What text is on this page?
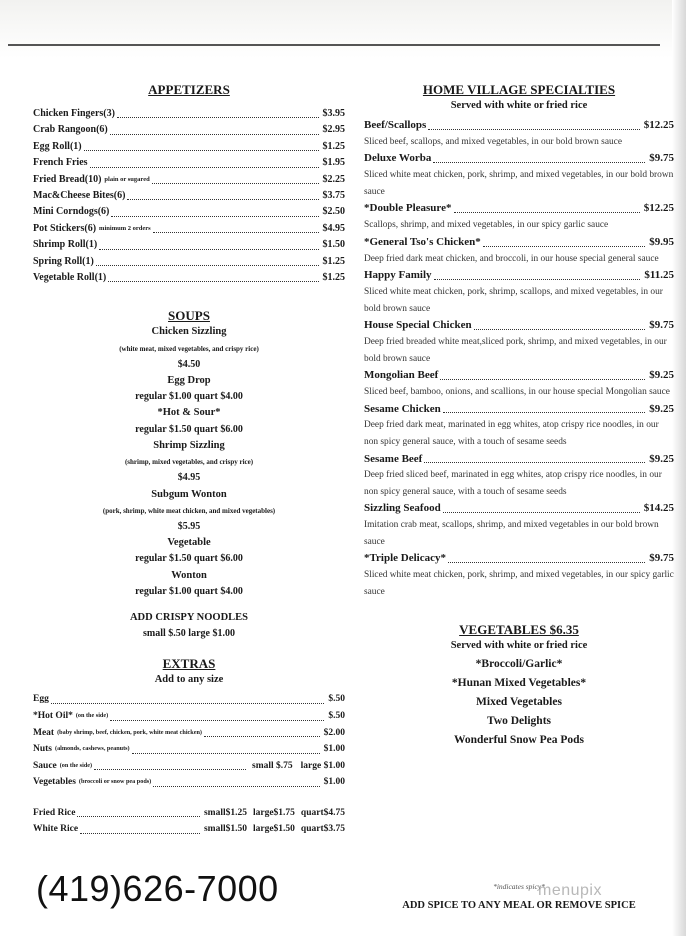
APPETIZERS
Chicken Fingers(3)	$3.95
Crab Rangoon(6)	$2.95
Egg Roll(1)	$1.25
French Fries	$1.95
Fried Bread(10) plain or sugared	$2.25
Mac&Cheese Bites(6)	$3.75
Mini Corndogs(6)	$2.50
Pot Stickers(6) minimum 2 orders	$4.95
Shrimp Roll(1)	$1.50
Spring Roll(1)	$1.25
Vegetable Roll(1)	$1.25
SOUPS
Chicken Sizzling
(white meat, mixed vegetables, and crispy rice)
$4.50
Egg Drop
regular $1.00 quart $4.00
*Hot & Sour*
regular $1.50 quart $6.00
Shrimp Sizzling
(shrimp, mixed vegetables, and crispy rice)
$4.95
Subgum Wonton
(pork, shrimp, white meat chicken, and mixed vegetables)
$5.95
Vegetable
regular $1.50 quart $6.00
Wonton
regular $1.00 quart $4.00
ADD CRISPY NOODLES
small $.50 large $1.00
EXTRAS
Add to any size
Egg	$.50
*Hot Oil* (on the side)	$.50
Meat (baby shrimp, beef, chicken, pork, white meat chicken)	$2.00
Nuts (almonds, cashews, peanuts)	$1.00
Sauce (on the side)	small $.75 large $1.00
Vegetables (broccoli or snow pea pods)	$1.00
Fried Rice	small$1.25 large$1.75 quart$4.75
White Rice	small$1.50 large$1.50 quart$3.75
HOME VILLAGE SPECIALTIES
Served with white or fried rice
Beef/Scallops	$12.25
Sliced beef, scallops, and mixed vegetables, in our bold brown sauce
Deluxe Worba	$9.75
Sliced white meat chicken, pork, shrimp, and mixed vegetables, in our bold brown sauce
*Double Pleasure*	$12.25
Scallops, shrimp, and mixed vegetables, in our spicy garlic sauce
*General Tso's Chicken*	$9.95
Deep fried dark meat chicken, and broccoli, in our house special general sauce
Happy Family	$11.25
Sliced white meat chicken, pork, shrimp, scallops, and mixed vegetables, in our bold brown sauce
House Special Chicken	$9.75
Deep fried breaded white meat,sliced pork, shrimp, and mixed vegetables, in our bold brown sauce
Mongolian Beef	$9.25
Sliced beef, bamboo, onions, and scallions, in our house special Mongolian sauce
Sesame Chicken	$9.25
Deep fried dark meat, marinated in egg whites, atop crispy rice noodles, in our non spicy general sauce, with a touch of sesame seeds
Sesame Beef	$9.25
Deep fried sliced beef, marinated in egg whites, atop crispy rice noodles, in our non spicy general sauce, with a touch of sesame seeds
Sizzling Seafood	$14.25
Imitation crab meat, scallops, shrimp, and mixed vegetables in our bold brown sauce
*Triple Delicacy*	$9.75
Sliced white meat chicken, pork, shrimp, and mixed vegetables, in our spicy garlic sauce
VEGETABLES $6.35
Served with white or fried rice
*Broccoli/Garlic*
*Hunan Mixed Vegetables*
Mixed Vegetables
Two Delights
Wonderful Snow Pea Pods
(419)626-7000	*indicates spicy*
ADD SPICE TO ANY MEAL OR REMOVE SPICE
menupix
